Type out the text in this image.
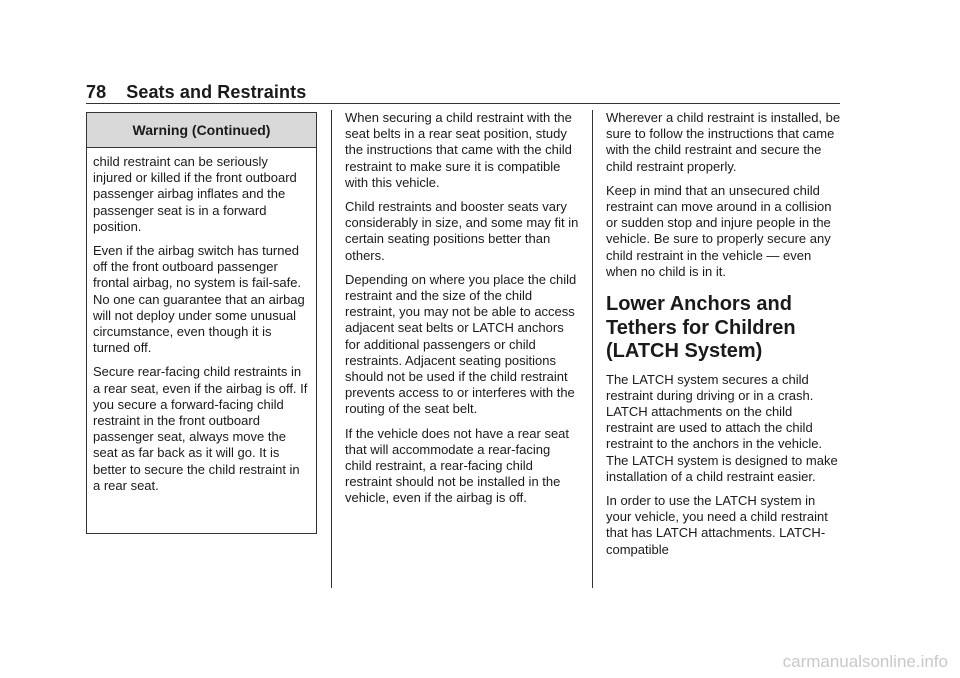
78 Seats and Restraints
Warning (Continued)

child restraint can be seriously injured or killed if the front outboard passenger airbag inflates and the passenger seat is in a forward position.

Even if the airbag switch has turned off the front outboard passenger frontal airbag, no system is fail-safe. No one can guarantee that an airbag will not deploy under some unusual circumstance, even though it is turned off.

Secure rear-facing child restraints in a rear seat, even if the airbag is off. If you secure a forward-facing child restraint in the front outboard passenger seat, always move the seat as far back as it will go. It is better to secure the child restraint in a rear seat.

When securing a child restraint with the seat belts in a rear seat position, study the instructions that came with the child restraint to make sure it is compatible with this vehicle.

Child restraints and booster seats vary considerably in size, and some may fit in certain seating positions better than others.

Depending on where you place the child restraint and the size of the child restraint, you may not be able to access adjacent seat belts or LATCH anchors for additional passengers or child restraints. Adjacent seating positions should not be used if the child restraint prevents access to or interferes with the routing of the seat belt.

If the vehicle does not have a rear seat that will accommodate a rear-facing child restraint, a rear-facing child restraint should not be installed in the vehicle, even if the airbag is off.

Wherever a child restraint is installed, be sure to follow the instructions that came with the child restraint and secure the child restraint properly.

Keep in mind that an unsecured child restraint can move around in a collision or sudden stop and injure people in the vehicle. Be sure to properly secure any child restraint in the vehicle — even when no child is in it.

Lower Anchors and Tethers for Children (LATCH System)

The LATCH system secures a child restraint during driving or in a crash. LATCH attachments on the child restraint are used to attach the child restraint to the anchors in the vehicle. The LATCH system is designed to make installation of a child restraint easier.

In order to use the LATCH system in your vehicle, you need a child restraint that has LATCH attachments. LATCH-compatible

carmanualsonline.info
